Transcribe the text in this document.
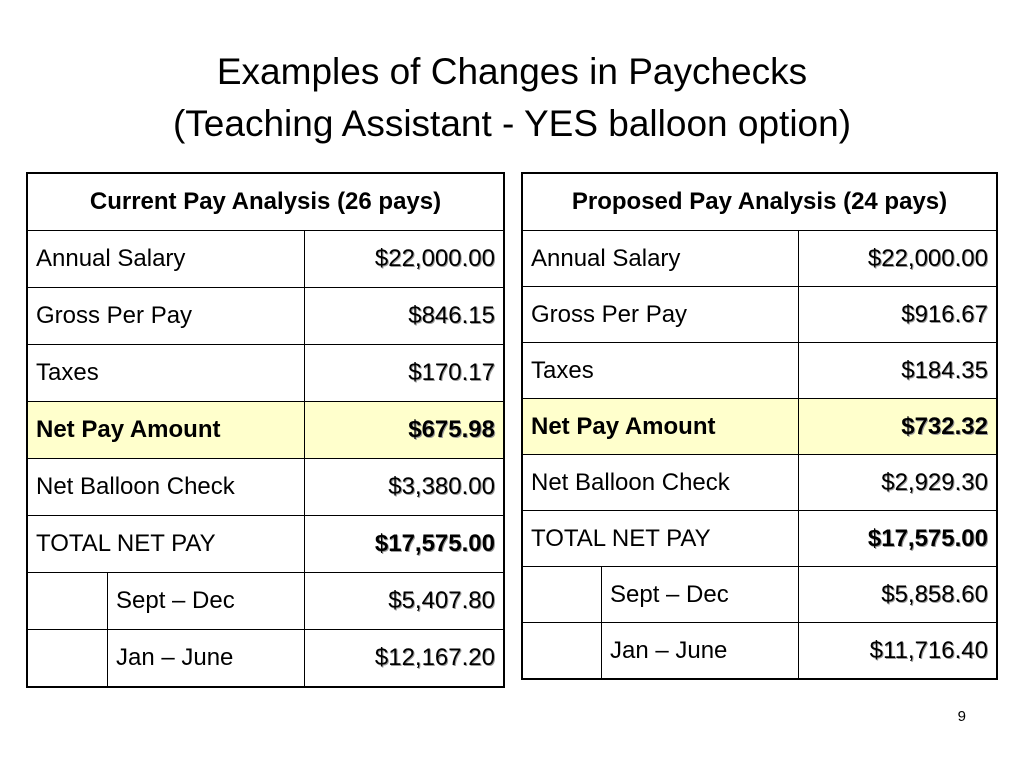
Examples of Changes in Paychecks
(Teaching Assistant - YES balloon option)
Current Pay Analysis (26 pays)		
Annual Salary		$22,000.00
Gross Per Pay		$846.15
Taxes		$170.17
Net Pay Amount		$675.98
Net Balloon Check		$3,380.00
TOTAL NET PAY		$17,575.00
	Sept – Dec	$5,407.80
	Jan – June	$12,167.20
Proposed Pay Analysis (24 pays)		
Annual Salary		$22,000.00
Gross Per Pay		$916.67
Taxes		$184.35
Net Pay Amount		$732.32
Net Balloon Check		$2,929.30
TOTAL NET PAY		$17,575.00
	Sept – Dec	$5,858.60
	Jan – June	$11,716.40
9
